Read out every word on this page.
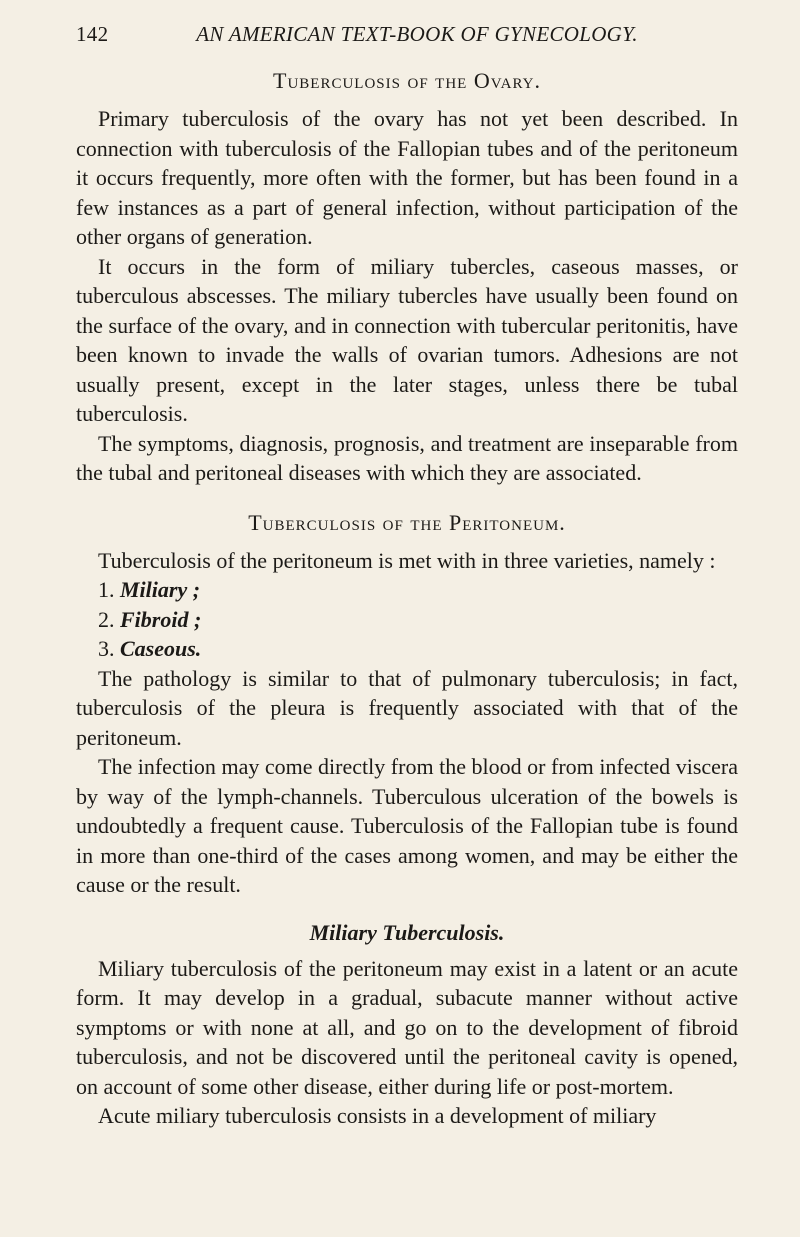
142	AN AMERICAN TEXT-BOOK OF GYNECOLOGY.
Tuberculosis of the Ovary.

Primary tuberculosis of the ovary has not yet been described. In connection with tuberculosis of the Fallopian tubes and of the peritoneum it occurs frequently, more often with the former, but has been found in a few instances as a part of general infection, without participation of the other organs of generation.

It occurs in the form of miliary tubercles, caseous masses, or tuberculous abscesses. The miliary tubercles have usually been found on the surface of the ovary, and in connection with tubercular peritonitis, have been known to invade the walls of ovarian tumors. Adhesions are not usually present, except in the later stages, unless there be tubal tuberculosis.

The symptoms, diagnosis, prognosis, and treatment are inseparable from the tubal and peritoneal diseases with which they are associated.

Tuberculosis of the Peritoneum.

Tuberculosis of the peritoneum is met with in three varieties, namely :

1. Miliary ;
2. Fibroid ;
3. Caseous.

The pathology is similar to that of pulmonary tuberculosis; in fact, tuberculosis of the pleura is frequently associated with that of the peritoneum.

The infection may come directly from the blood or from infected viscera by way of the lymph-channels. Tuberculous ulceration of the bowels is undoubtedly a frequent cause. Tuberculosis of the Fallopian tube is found in more than one-third of the cases among women, and may be either the cause or the result.

Miliary Tuberculosis.

Miliary tuberculosis of the peritoneum may exist in a latent or an acute form. It may develop in a gradual, subacute manner without active symptoms or with none at all, and go on to the development of fibroid tuberculosis, and not be discovered until the peritoneal cavity is opened, on account of some other disease, either during life or post-mortem.

Acute miliary tuberculosis consists in a development of miliary
